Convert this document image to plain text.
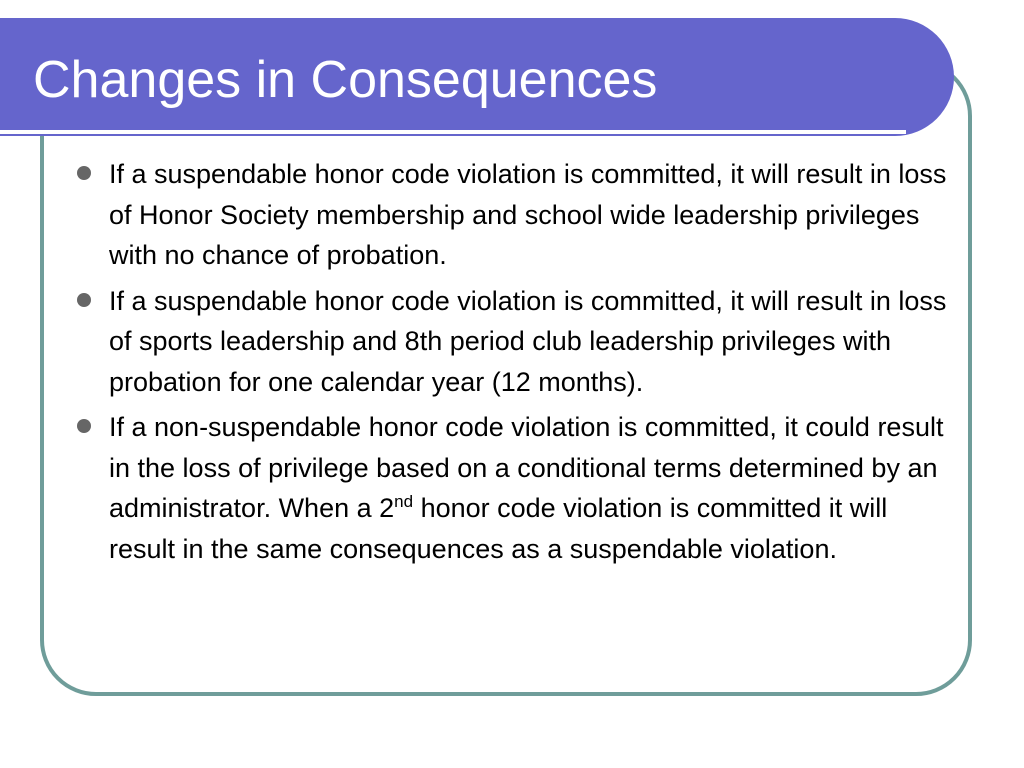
Changes in Consequences
If a suspendable honor code violation is committed, it will result in loss of Honor Society membership and school wide leadership privileges with no chance of probation.
If a suspendable honor code violation is committed, it will result in loss of sports leadership and 8th period club leadership privileges with probation for one calendar year (12 months).
If a non-suspendable honor code violation is committed, it could result in the loss of privilege based on a conditional terms determined by an administrator. When a 2nd honor code violation is committed it will result in the same consequences as a suspendable violation.
